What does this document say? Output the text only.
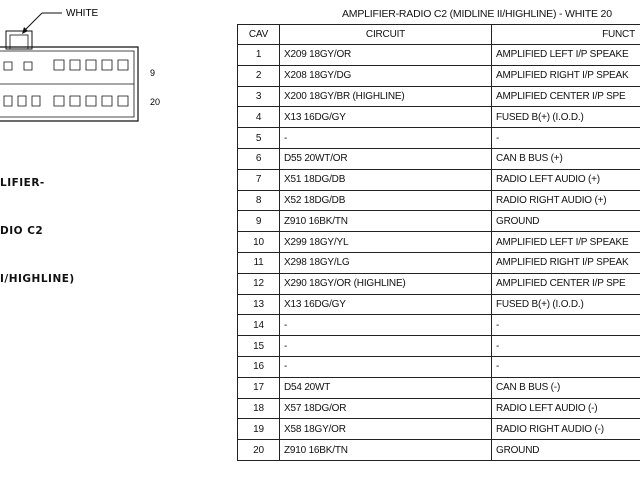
WHITE
9
20

LIFIER-

DIO C2

I/HIGHLINE)

AMPLIFIER-RADIO C2 (MIDLINE II/HIGHLINE) - WHITE 20
CAV	CIRCUIT	FUNCT
1	X209 18GY/OR	AMPLIFIED LEFT I/P SPEAKE
2	X208 18GY/DG	AMPLIFIED RIGHT I/P SPEAK
3	X200 18GY/BR (HIGHLINE)	AMPLIFIED CENTER I/P SPE
4	X13 16DG/GY	FUSED B(+) (I.O.D.)
5	-	-
6	D55 20WT/OR	CAN B BUS (+)
7	X51 18DG/DB	RADIO LEFT AUDIO (+)
8	X52 18DG/DB	RADIO RIGHT AUDIO (+)
9	Z910 16BK/TN	GROUND
10	X299 18GY/YL	AMPLIFIED LEFT I/P SPEAKE
11	X298 18GY/LG	AMPLIFIED RIGHT I/P SPEAK
12	X290 18GY/OR (HIGHLINE)	AMPLIFIED CENTER I/P SPE
13	X13 16DG/GY	FUSED B(+) (I.O.D.)
14	-	-
15	-	-
16	-	-
17	D54 20WT	CAN B BUS (-)
18	X57 18DG/OR	RADIO LEFT AUDIO (-)
19	X58 18GY/OR	RADIO RIGHT AUDIO (-)
20	Z910 16BK/TN	GROUND
